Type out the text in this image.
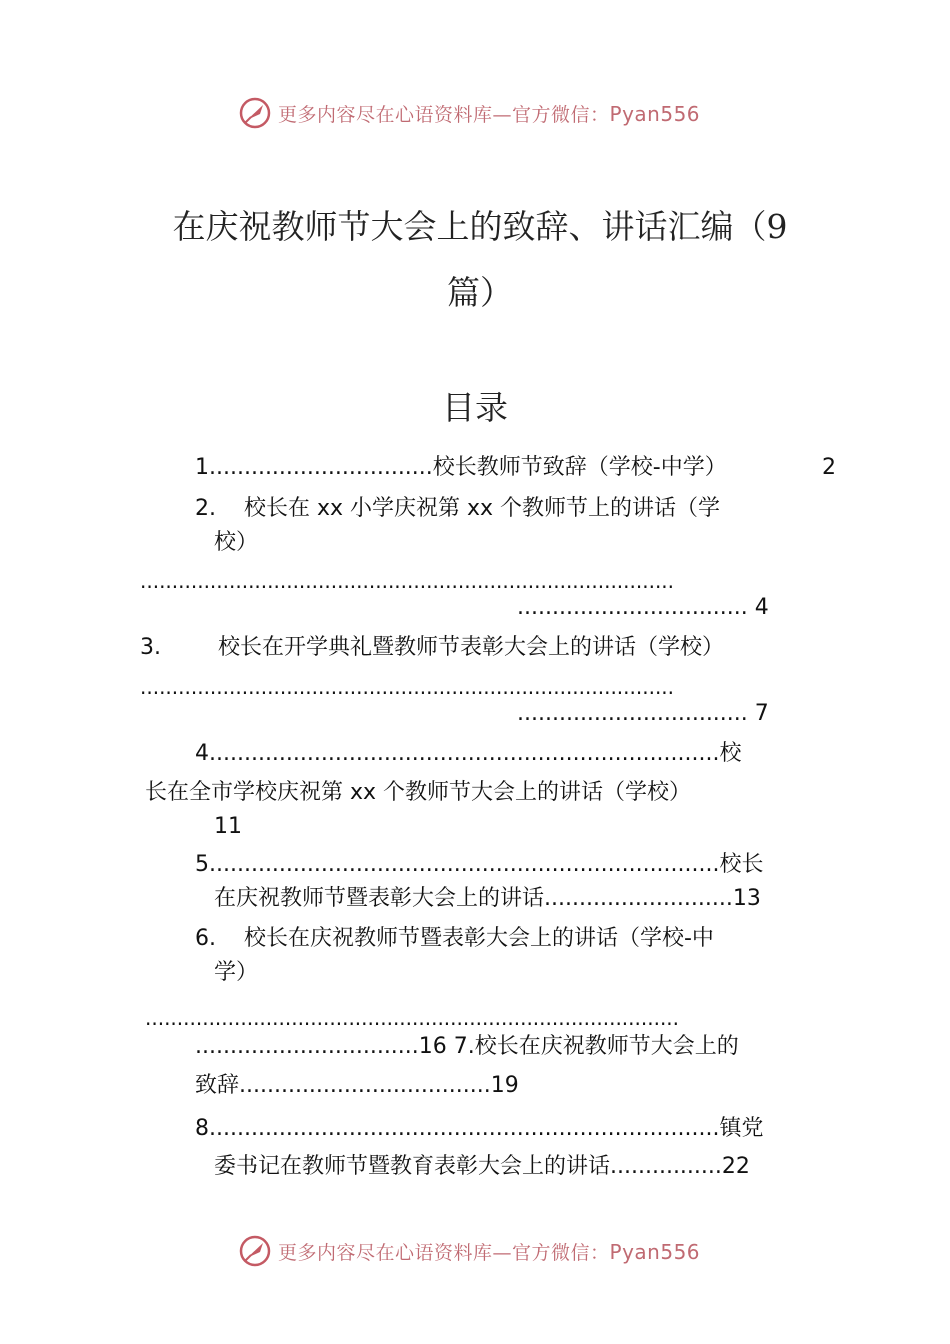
更多内容尽在心语资料库—官方微信：Pyan556
在庆祝教师节大会上的致辞、讲话汇编（9
篇）
目录
1................................校长教师节致辞（学校-中学）	2
2.    校长在 xx 小学庆祝第 xx 个教师节上的讲话（学
校）
....................................................................................
................................. 4
3.	校长在开学典礼暨教师节表彰大会上的讲话（学校）
....................................................................................
................................. 7
4.........................................................................校
长在全市学校庆祝第 xx 个教师节大会上的讲话（学校）
11
5.........................................................................校长
在庆祝教师节暨表彰大会上的讲话...........................13
6.    校长在庆祝教师节暨表彰大会上的讲话（学校-中
学）
....................................................................................
................................16 7.校长在庆祝教师节大会上的
致辞....................................19
8.........................................................................镇党
委书记在教师节暨教育表彰大会上的讲话................22
更多内容尽在心语资料库—官方微信：Pyan556
